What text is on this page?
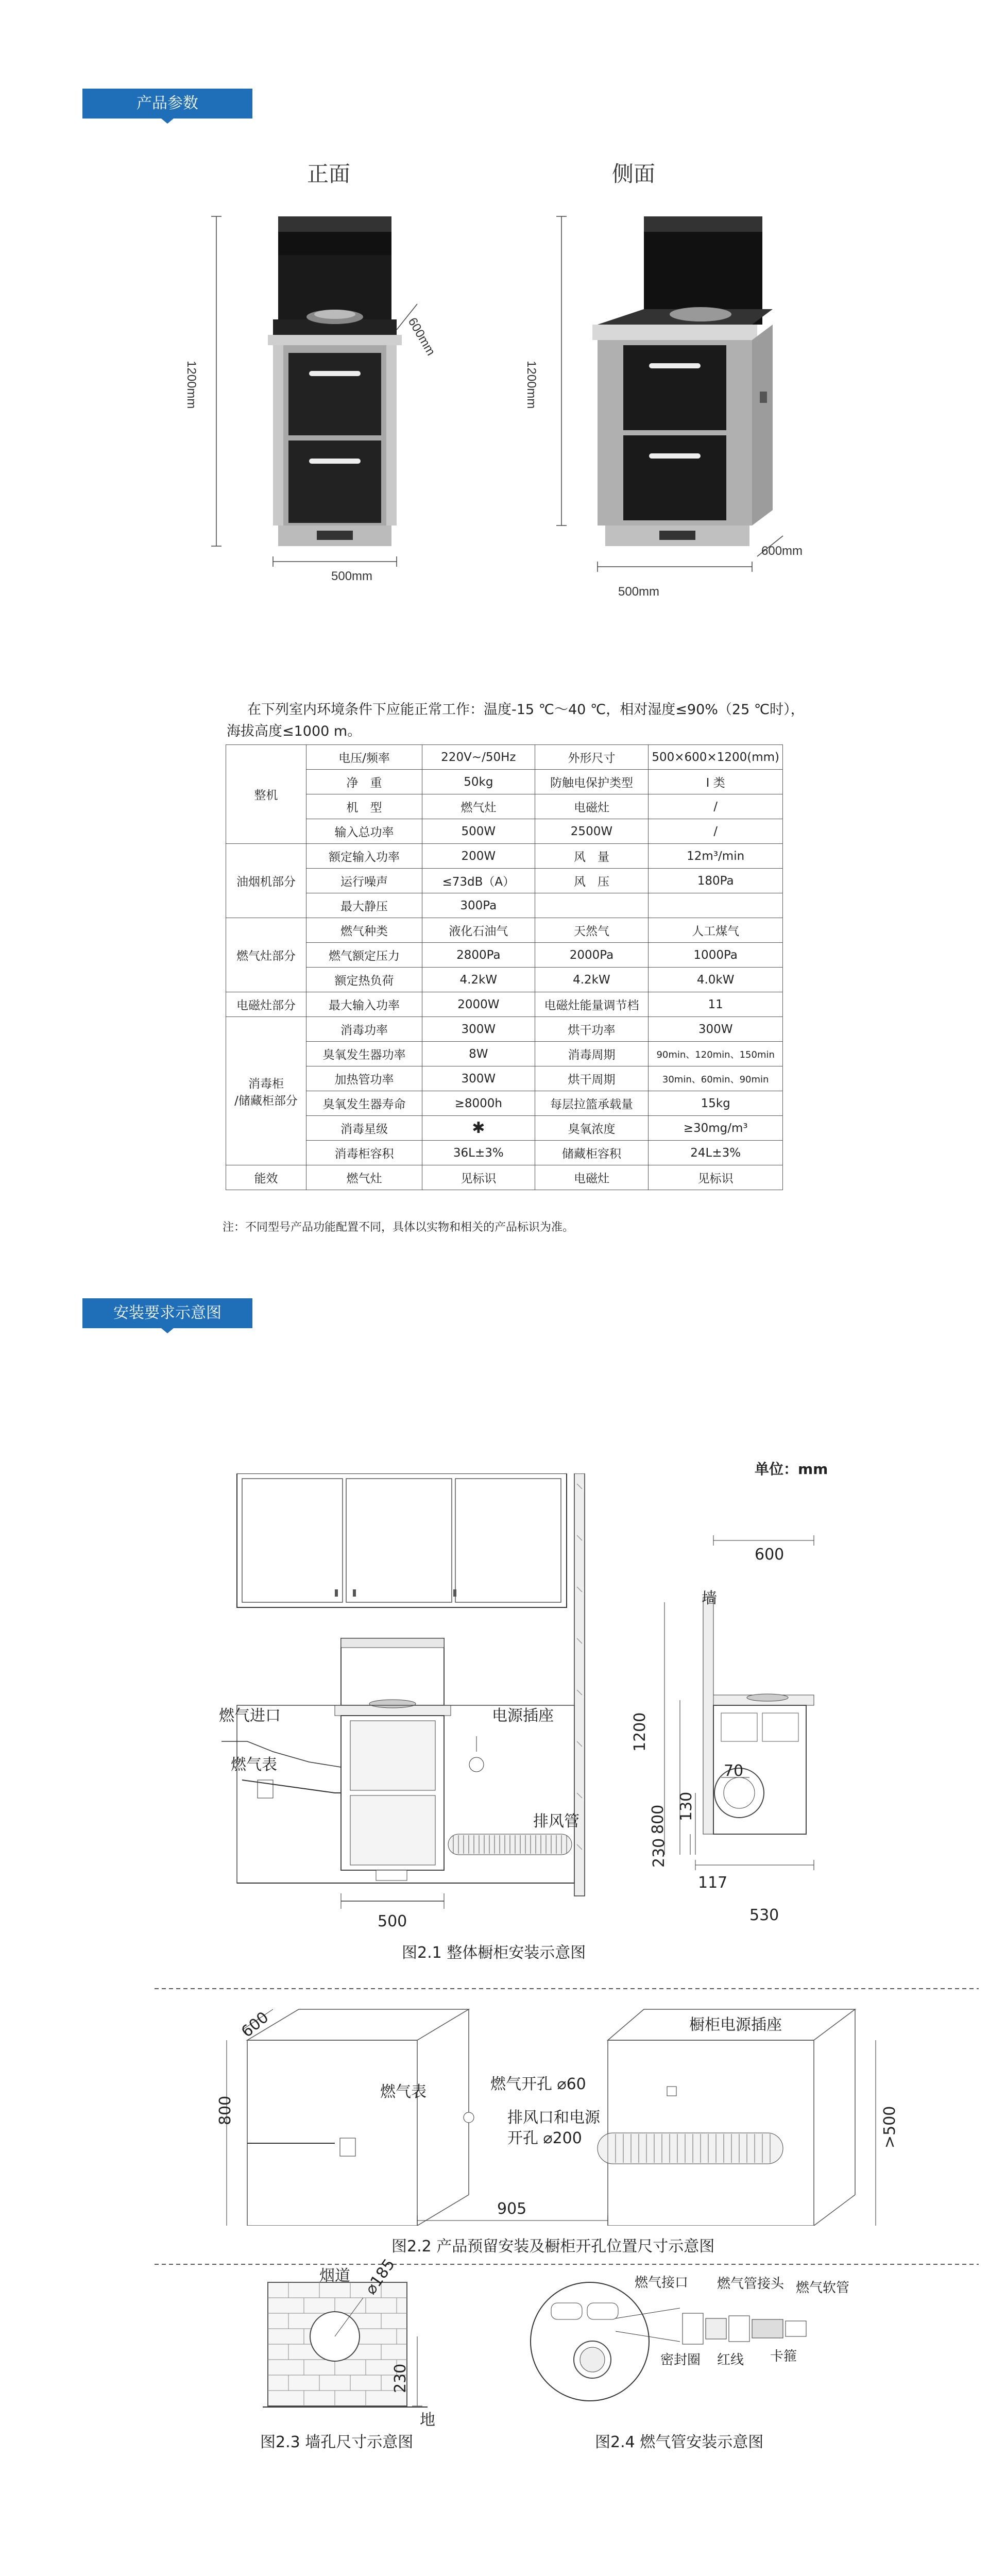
产品参数
正面	侧面
1200mm
500mm
600mm
1200mm
500mm
600mm
在下列室内环境条件下应能正常工作：温度-15 ℃～40 ℃，相对湿度≤90%（25 ℃时），
海拔高度≤1000 m。
整机	电压/频率	220V~/50Hz	外形尺寸	500×600×1200(mm)
	净　重	50kg	防触电保护类型	I 类
	机　型	燃气灶	电磁灶	/
	输入总功率	500W	2500W	/
油烟机部分	额定输入功率	200W	风　量	12m³/min
	运行噪声	≤73dB（A）	风　压	180Pa
	最大静压	300Pa		
燃气灶部分	燃气种类	液化石油气	天然气	人工煤气
	燃气额定压力	2800Pa	2000Pa	1000Pa
	额定热负荷	4.2kW	4.2kW	4.0kW
电磁灶部分	最大输入功率	2000W	电磁灶能量调节档	11
消毒柜
/储藏柜部分	消毒功率	300W	烘干功率	300W
	臭氧发生器功率	8W	消毒周期	90min、120min、150min
	加热管功率	300W	烘干周期	30min、60min、90min
	臭氧发生器寿命	≥8000h	每层拉篮承载量	15kg
	消毒星级	✱	臭氧浓度	≥30mg/m³
	消毒柜容积	36L±3%	储藏柜容积	24L±3%
能效	燃气灶	见标识	电磁灶	见标识
注：不同型号产品功能配置不同，具体以实物和相关的产品标识为准。
安装要求示意图
单位：mm
燃气进口
燃气表
电源插座
排风管
墙
500
600
1200
800
70
130
230
117
530
图2.1 整体橱柜安装示意图
橱柜电源插座
燃气表	燃气开孔 ⌀60
排风口和电源
开孔 ⌀200
600
800
905
>500
图2.2 产品预留安装及橱柜开孔位置尺寸示意图
烟道 ⌀185
230
地
图2.3 墙孔尺寸示意图
燃气接口 燃气管接头 燃气软管
密封圈 红线 卡箍
图2.4 燃气管安装示意图
